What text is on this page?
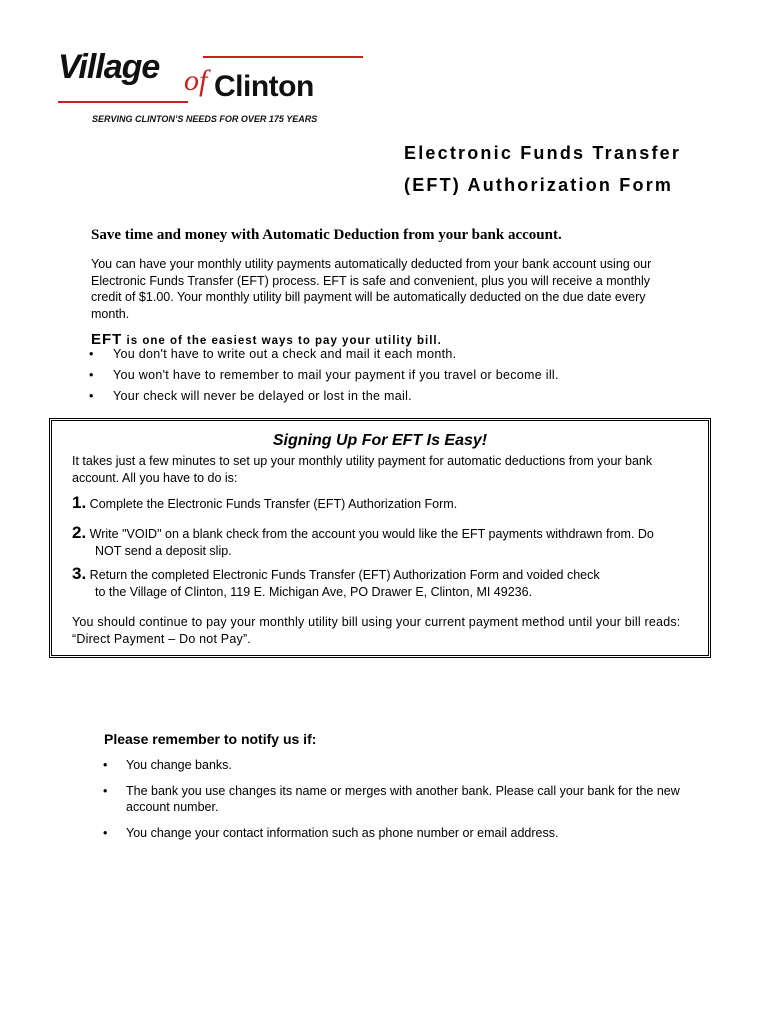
Village of Clinton
SERVING CLINTON’S NEEDS FOR OVER 175 YEARS
Electronic Funds Transfer
(EFT) Authorization Form
Save time and money with Automatic Deduction from your bank account.
You can have your monthly utility payments automatically deducted from your bank account using our Electronic Funds Transfer (EFT) process. EFT is safe and convenient, plus you will receive a monthly credit of $1.00. Your monthly utility bill payment will be automatically deducted on the due date every month.
EFT is one of the easiest ways to pay your utility bill.
• You don't have to write out a check and mail it each month.
• You won't have to remember to mail your payment if you travel or become ill.
• Your check will never be delayed or lost in the mail.
Signing Up For EFT Is Easy!
It takes just a few minutes to set up your monthly utility payment for automatic deductions from your bank account. All you have to do is:
1. Complete the Electronic Funds Transfer (EFT) Authorization Form.
2. Write "VOID" on a blank check from the account you would like the EFT payments withdrawn from. Do
NOT send a deposit slip.
3. Return the completed Electronic Funds Transfer (EFT) Authorization Form and voided check
to the Village of Clinton, 119 E. Michigan Ave, PO Drawer E, Clinton, MI 49236.
You should continue to pay your monthly utility bill using your current payment method until your bill reads: “Direct Payment – Do not Pay”.
Please remember to notify us if:
• You change banks.
• The bank you use changes its name or merges with another bank. Please call your bank for the new account number.
• You change your contact information such as phone number or email address.
